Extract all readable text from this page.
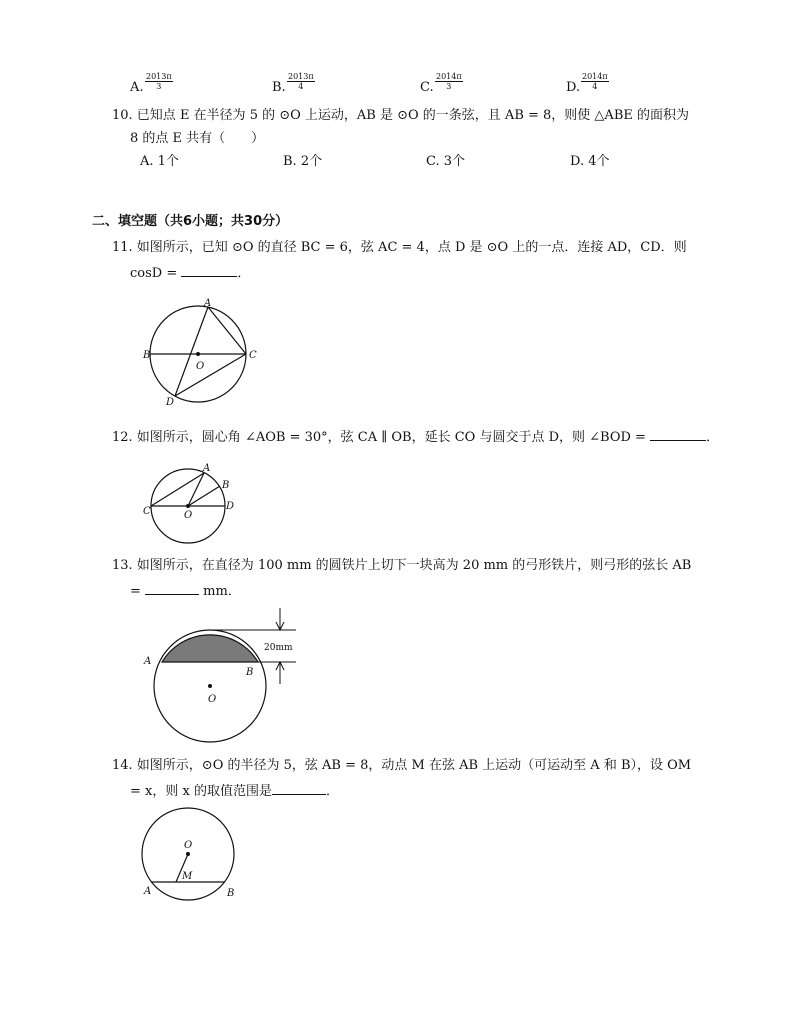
A. $\frac{2013\pi}{3}$	B. $\frac{2013\pi}{4}$	C. $\frac{2014\pi}{3}$	D. $\frac{2014\pi}{4}$
10. 已知点 E 在半径为 5 的 ⊙O 上运动，AB 是 ⊙O 的一条弦，且 AB = 8，则使 △ABE 的面积为
8 的点 E 共有（　　）
A. 1个	B. 2个	C. 3个	D. 4个
二、填空题（共6小题；共30分）
11. 如图所示，已知 ⊙O 的直径 BC = 6，弦 AC = 4，点 D 是 ⊙O 上的一点．连接 AD，CD．则
cosD =	．
A
B	C
D
O
12. 如图所示，圆心角 ∠AOB = 30°，弦 CA ∥ OB，延长 CO 与圆交于点 D，则 ∠BOD =	．
A
B
C	D
O
13. 如图所示，在直径为 100 mm 的圆铁片上切下一块高为 20 mm 的弓形铁片，则弓形的弦长 AB
=	mm．
20mm
A
B
O
14. 如图所示，⊙O 的半径为 5，弦 AB = 8，动点 M 在弦 AB 上运动（可运动至 A 和 B），设 OM
= x，则 x 的取值范围是	．
O
M
A	B
